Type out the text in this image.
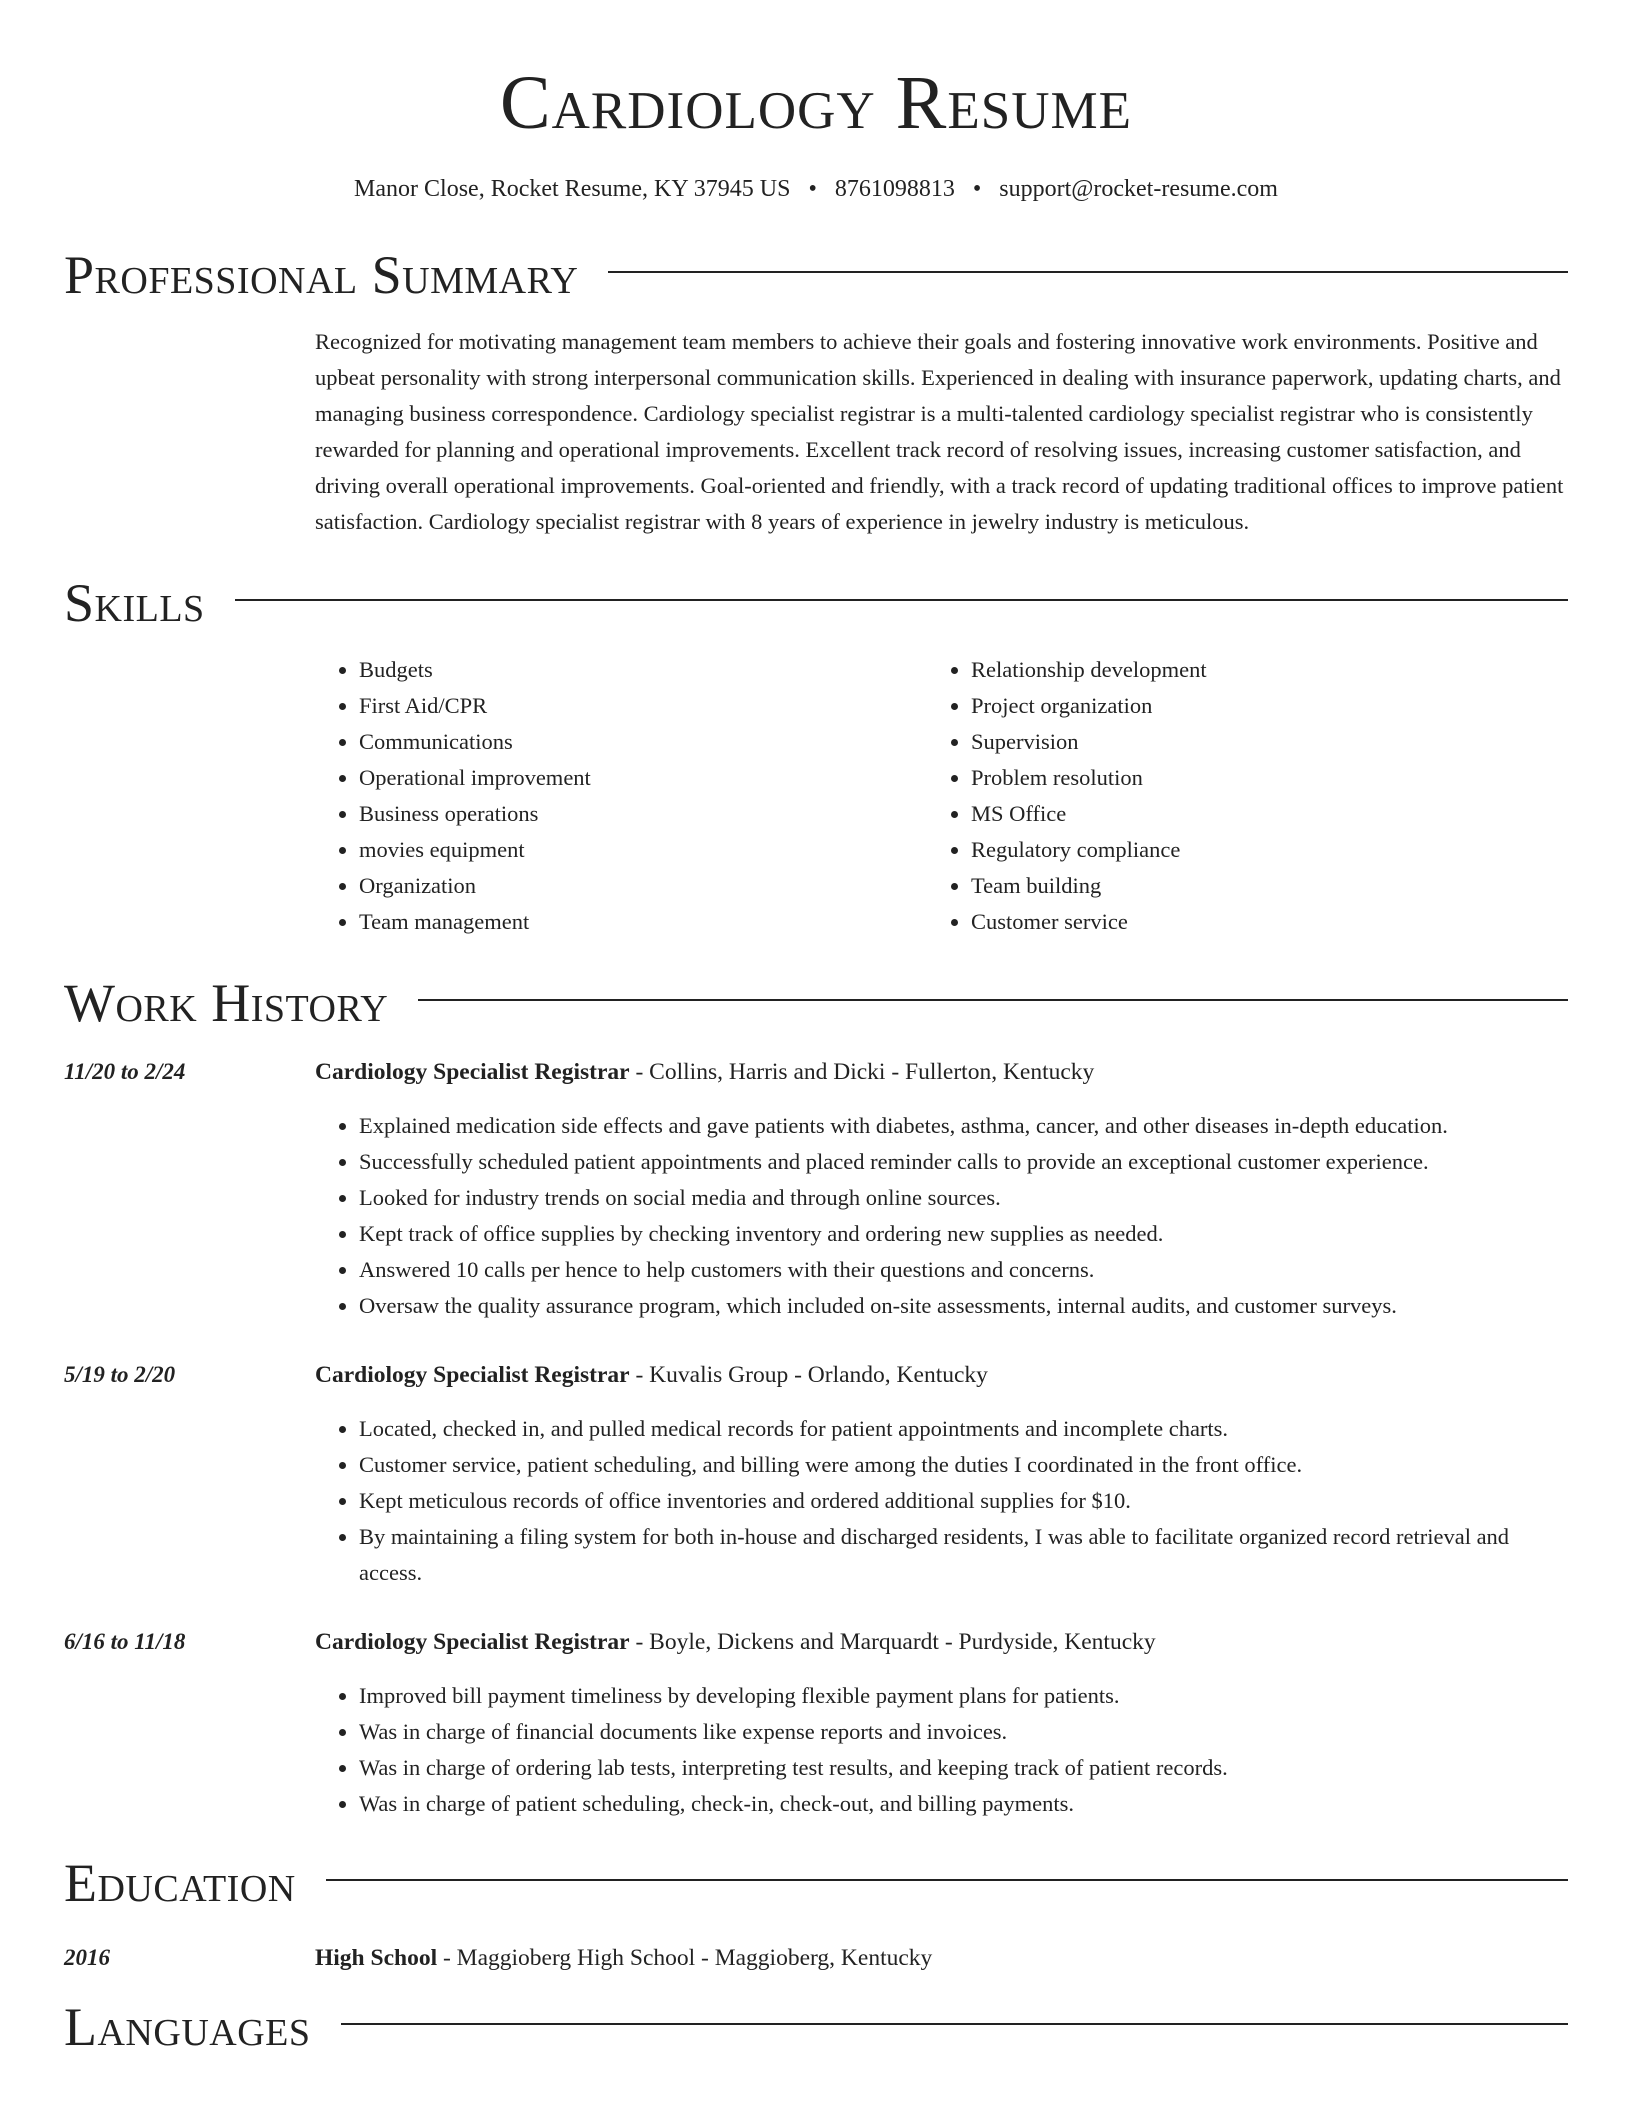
Cardiology Resume
Manor Close, Rocket Resume, KY 37945 US • 8761098813 • support@rocket-resume.com
Professional Summary
Recognized for motivating management team members to achieve their goals and fostering innovative work environments. Positive and upbeat personality with strong interpersonal communication skills. Experienced in dealing with insurance paperwork, updating charts, and managing business correspondence. Cardiology specialist registrar is a multi-talented cardiology specialist registrar who is consistently rewarded for planning and operational improvements. Excellent track record of resolving issues, increasing customer satisfaction, and driving overall operational improvements. Goal-oriented and friendly, with a track record of updating traditional offices to improve patient satisfaction. Cardiology specialist registrar with 8 years of experience in jewelry industry is meticulous.
Skills
• Budgets
• First Aid/CPR
• Communications
• Operational improvement
• Business operations
• movies equipment
• Organization
• Team management
• Relationship development
• Project organization
• Supervision
• Problem resolution
• MS Office
• Regulatory compliance
• Team building
• Customer service
Work History
11/20 to 2/24	Cardiology Specialist Registrar - Collins, Harris and Dicki - Fullerton, Kentucky
• Explained medication side effects and gave patients with diabetes, asthma, cancer, and other diseases in-depth education.
• Successfully scheduled patient appointments and placed reminder calls to provide an exceptional customer experience.
• Looked for industry trends on social media and through online sources.
• Kept track of office supplies by checking inventory and ordering new supplies as needed.
• Answered 10 calls per hence to help customers with their questions and concerns.
• Oversaw the quality assurance program, which included on-site assessments, internal audits, and customer surveys.
5/19 to 2/20	Cardiology Specialist Registrar - Kuvalis Group - Orlando, Kentucky
• Located, checked in, and pulled medical records for patient appointments and incomplete charts.
• Customer service, patient scheduling, and billing were among the duties I coordinated in the front office.
• Kept meticulous records of office inventories and ordered additional supplies for $10.
• By maintaining a filing system for both in-house and discharged residents, I was able to facilitate organized record retrieval and access.
6/16 to 11/18	Cardiology Specialist Registrar - Boyle, Dickens and Marquardt - Purdyside, Kentucky
• Improved bill payment timeliness by developing flexible payment plans for patients.
• Was in charge of financial documents like expense reports and invoices.
• Was in charge of ordering lab tests, interpreting test results, and keeping track of patient records.
• Was in charge of patient scheduling, check-in, check-out, and billing payments.
Education
2016	High School - Maggioberg High School - Maggioberg, Kentucky
Languages
